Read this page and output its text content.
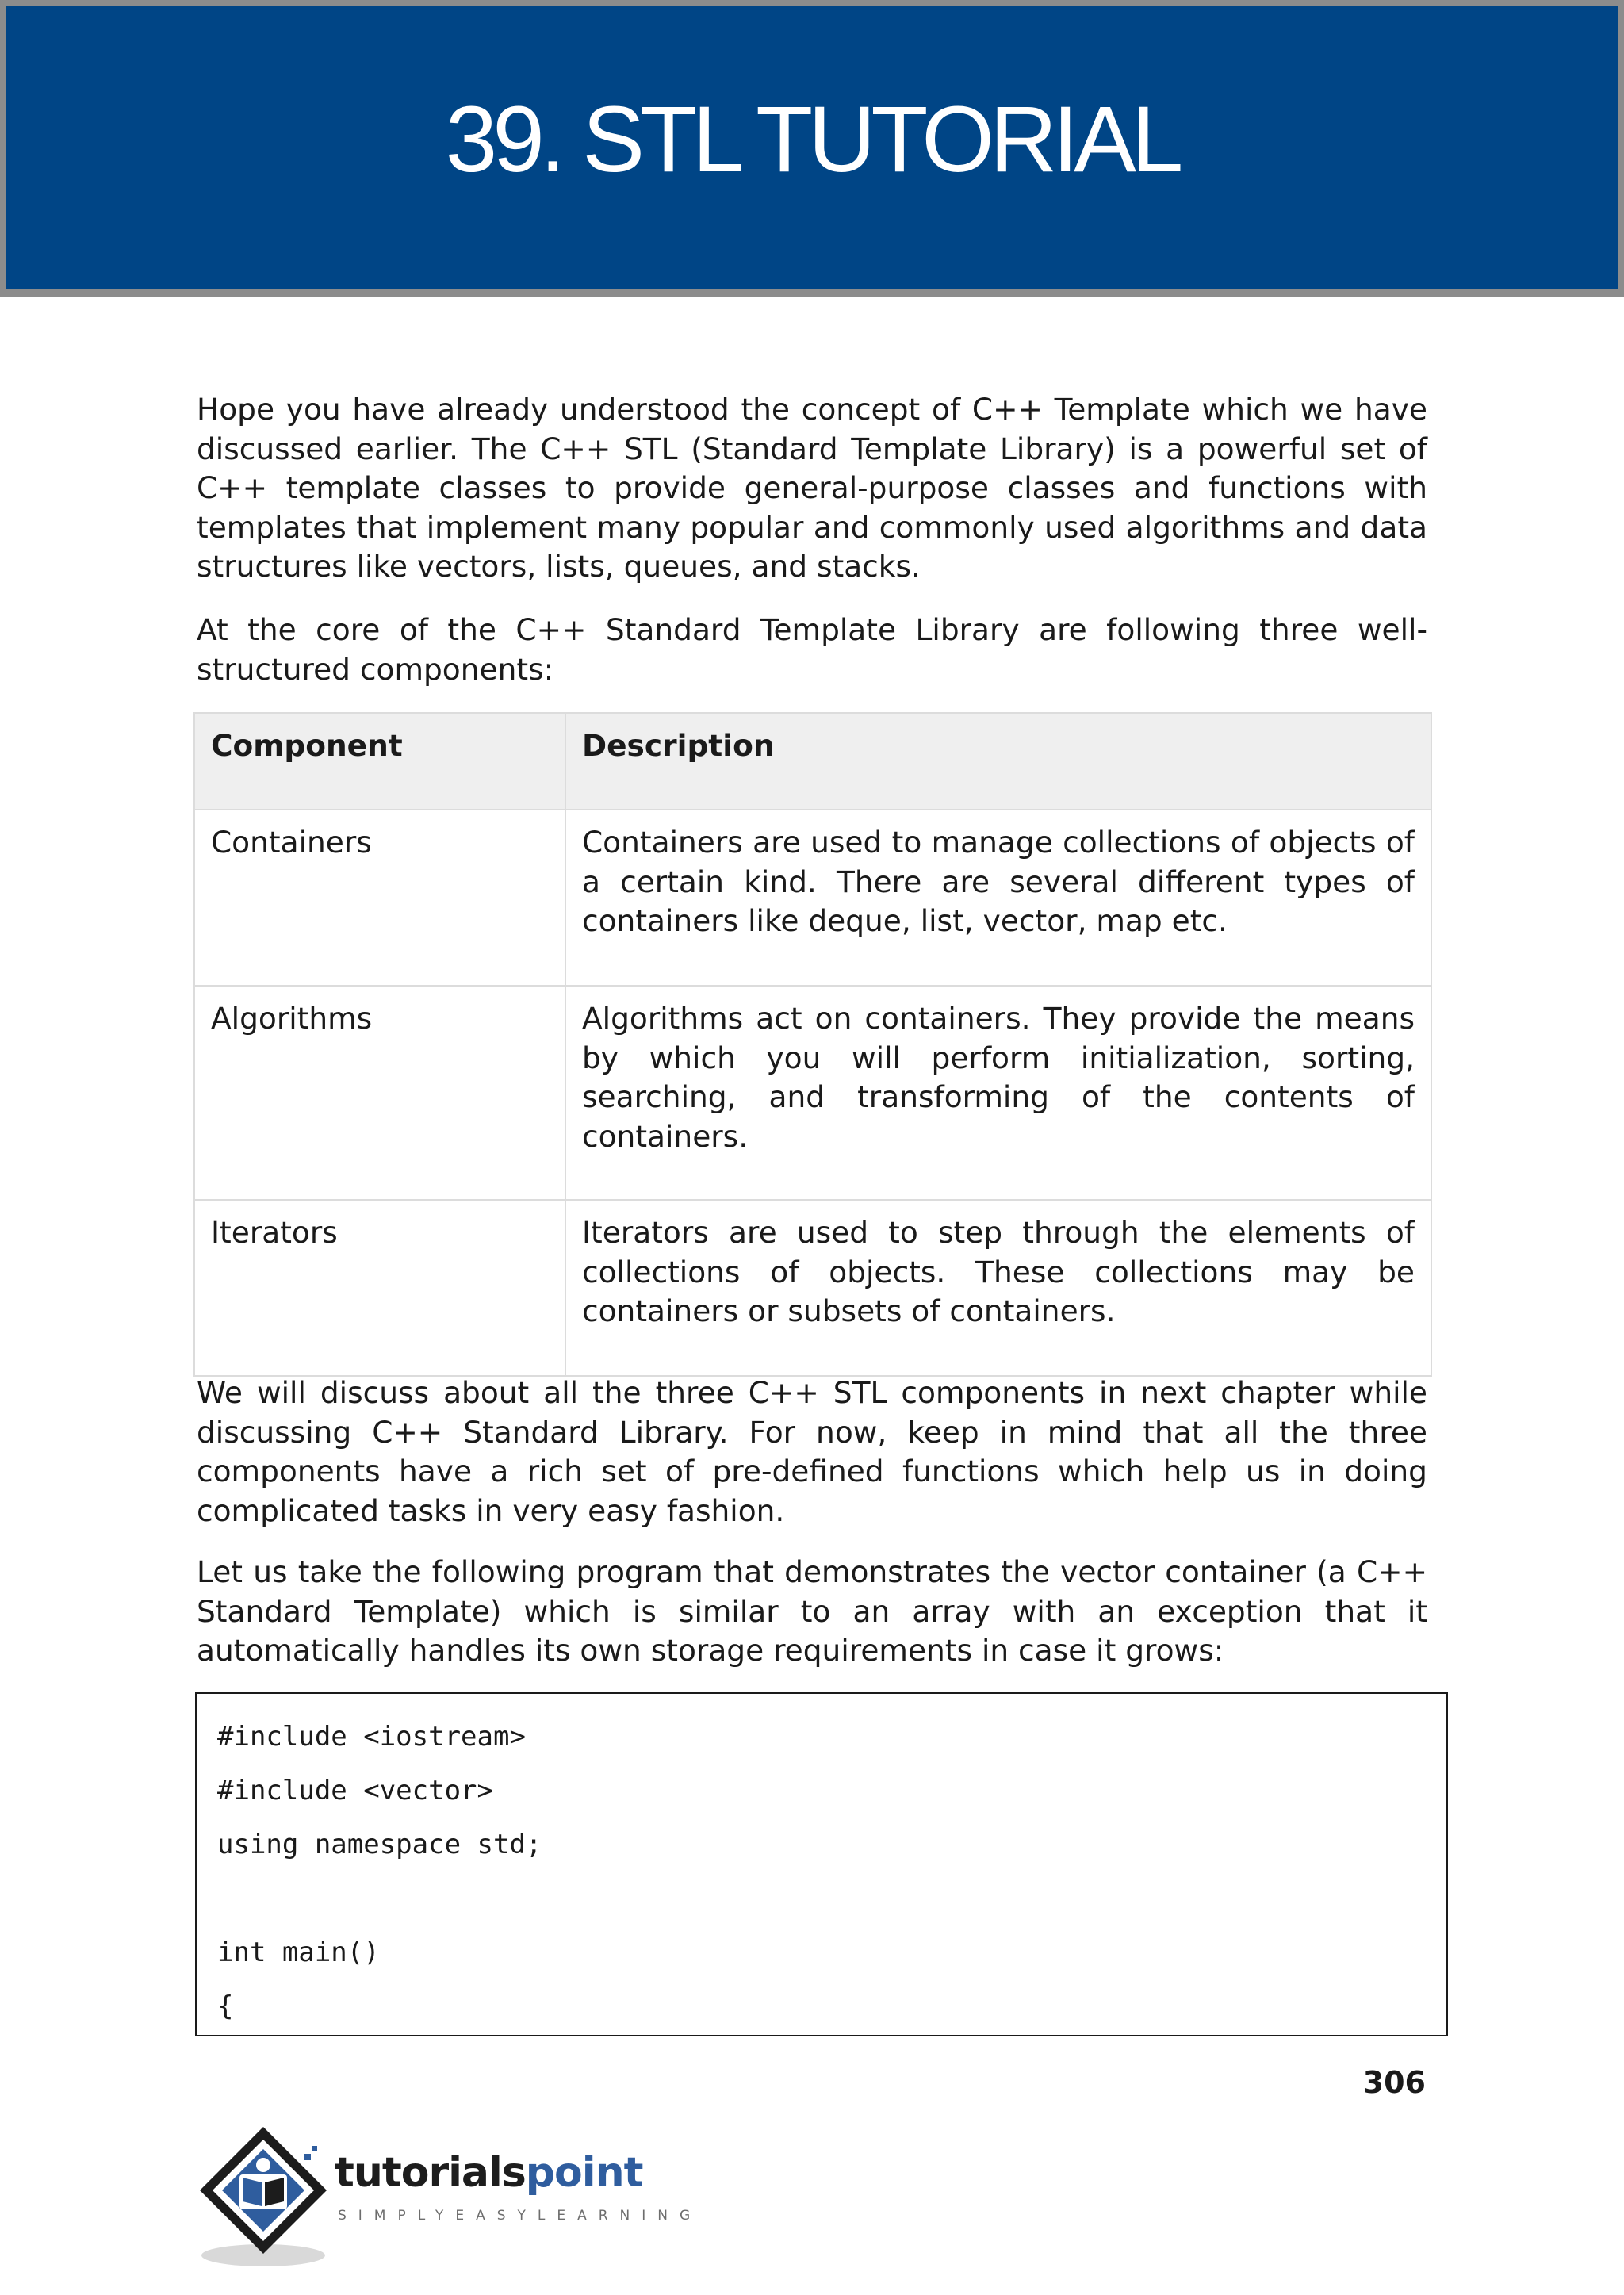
39. STL TUTORIAL

Hope you have already understood the concept of C++ Template which we have discussed earlier. The C++ STL (Standard Template Library) is a powerful set of C++ template classes to provide general-purpose classes and functions with templates that implement many popular and commonly used algorithms and data structures like vectors, lists, queues, and stacks.

At the core of the C++ Standard Template Library are following three well-structured components:

Component	Description
Containers	Containers are used to manage collections of objects of a certain kind. There are several different types of containers like deque, list, vector, map etc.
Algorithms	Algorithms act on containers. They provide the means by which you will perform initialization, sorting, searching, and transforming of the contents of containers.
Iterators	Iterators are used to step through the elements of collections of objects. These collections may be containers or subsets of containers.

We will discuss about all the three C++ STL components in next chapter while discussing C++ Standard Library. For now, keep in mind that all the three components have a rich set of pre-defined functions which help us in doing complicated tasks in very easy fashion.

Let us take the following program that demonstrates the vector container (a C++ Standard Template) which is similar to an array with an exception that it automatically handles its own storage requirements in case it grows:

#include <iostream>
#include <vector>
using namespace std;
int main()
{
306
tutorialspoint
SIMPLYEASYLEARNING
